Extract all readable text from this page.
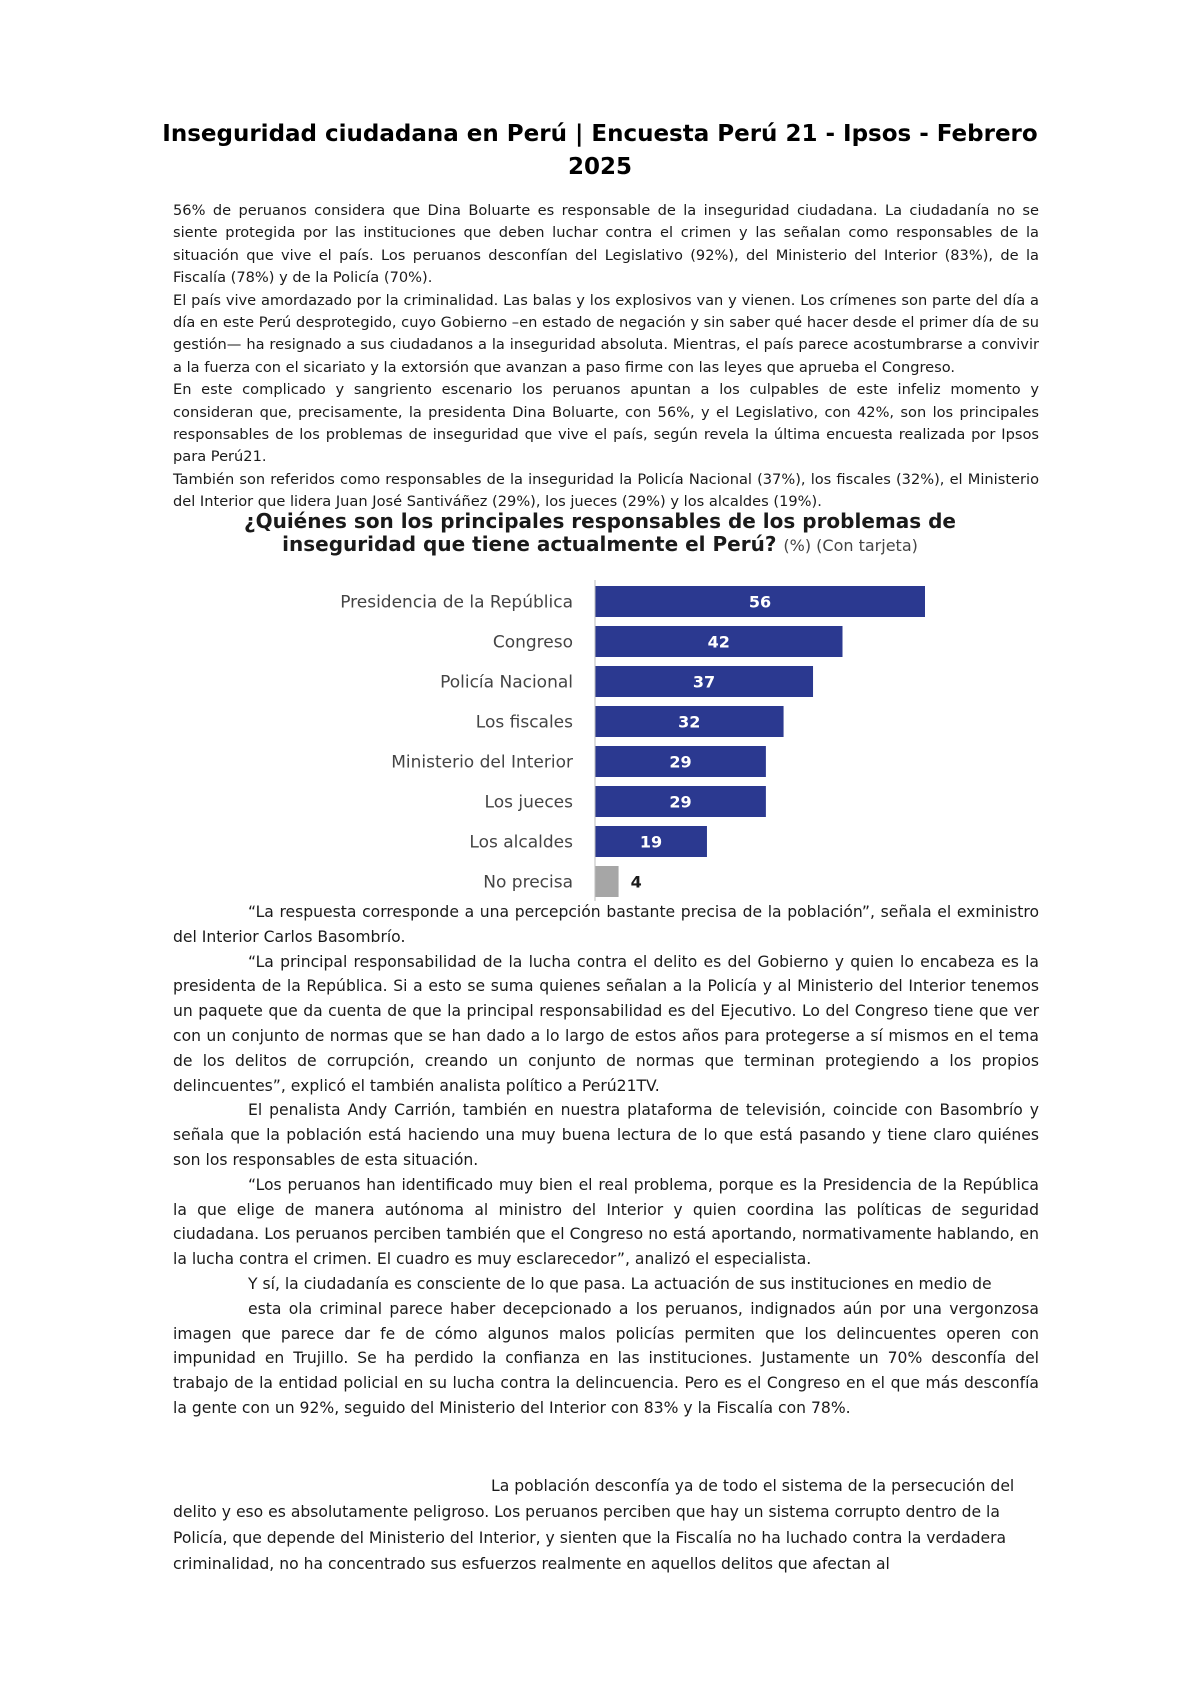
Inseguridad ciudadana en Perú | Encuesta Perú 21 - Ipsos - Febrero 2025

56% de peruanos considera que Dina Boluarte es responsable de la inseguridad ciudadana. La ciudadanía no se siente protegida por las instituciones que deben luchar contra el crimen y las señalan como responsables de la situación que vive el país. Los peruanos desconfían del Legislativo (92%), del Ministerio del Interior (83%), de la Fiscalía (78%) y de la Policía (70%).

El país vive amordazado por la criminalidad. Las balas y los explosivos van y vienen. Los crímenes son parte del día a día en este Perú desprotegido, cuyo Gobierno –en estado de negación y sin saber qué hacer desde el primer día de su gestión— ha resignado a sus ciudadanos a la inseguridad absoluta. Mientras, el país parece acostumbrarse a convivir a la fuerza con el sicariato y la extorsión que avanzan a paso firme con las leyes que aprueba el Congreso.

En este complicado y sangriento escenario los peruanos apuntan a los culpables de este infeliz momento y consideran que, precisamente, la presidenta Dina Boluarte, con 56%, y el Legislativo, con 42%, son los principales responsables de los problemas de inseguridad que vive el país, según revela la última encuesta realizada por Ipsos para Perú21.

También son referidos como responsables de la inseguridad la Policía Nacional (37%), los fiscales (32%), el Ministerio del Interior que lidera Juan José Santiváñez (29%), los jueces (29%) y los alcaldes (19%).

¿Quiénes son los principales responsables de los problemas de inseguridad que tiene actualmente el Perú? (%) (Con tarjeta)
Presidencia de la República	56
Congreso	42
Policía Nacional	37
Los fiscales	32
Ministerio del Interior	29
Los jueces	29
Los alcaldes	19
No precisa	4

“La respuesta corresponde a una percepción bastante precisa de la población”, señala el exministro del Interior Carlos Basombrío.

“La principal responsabilidad de la lucha contra el delito es del Gobierno y quien lo encabeza es la presidenta de la República. Si a esto se suma quienes señalan a la Policía y al Ministerio del Interior tenemos un paquete que da cuenta de que la principal responsabilidad es del Ejecutivo. Lo del Congreso tiene que ver con un conjunto de normas que se han dado a lo largo de estos años para protegerse a sí mismos en el tema de los delitos de corrupción, creando un conjunto de normas que terminan protegiendo a los propios delincuentes”, explicó el también analista político a Perú21TV.

El penalista Andy Carrión, también en nuestra plataforma de televisión, coincide con Basombrío y señala que la población está haciendo una muy buena lectura de lo que está pasando y tiene claro quiénes son los responsables de esta situación.

“Los peruanos han identificado muy bien el real problema, porque es la Presidencia de la República la que elige de manera autónoma al ministro del Interior y quien coordina las políticas de seguridad ciudadana. Los peruanos perciben también que el Congreso no está aportando, normativamente hablando, en la lucha contra el crimen. El cuadro es muy esclarecedor”, analizó el especialista.

Y sí, la ciudadanía es consciente de lo que pasa. La actuación de sus instituciones en medio de

esta ola criminal parece haber decepcionado a los peruanos, indignados aún por una vergonzosa imagen que parece dar fe de cómo algunos malos policías permiten que los delincuentes operen con impunidad en Trujillo. Se ha perdido la confianza en las instituciones. Justamente un 70% desconfía del trabajo de la entidad policial en su lucha contra la delincuencia. Pero es el Congreso en el que más desconfía la gente con un 92%, seguido del Ministerio del Interior con 83% y la Fiscalía con 78%.

La población desconfía ya de todo el sistema de la persecución del delito y eso es absolutamente peligroso. Los peruanos perciben que hay un sistema corrupto dentro de la Policía, que depende del Ministerio del Interior, y sienten que la Fiscalía no ha luchado contra la verdadera criminalidad, no ha concentrado sus esfuerzos realmente en aquellos delitos que afectan al
